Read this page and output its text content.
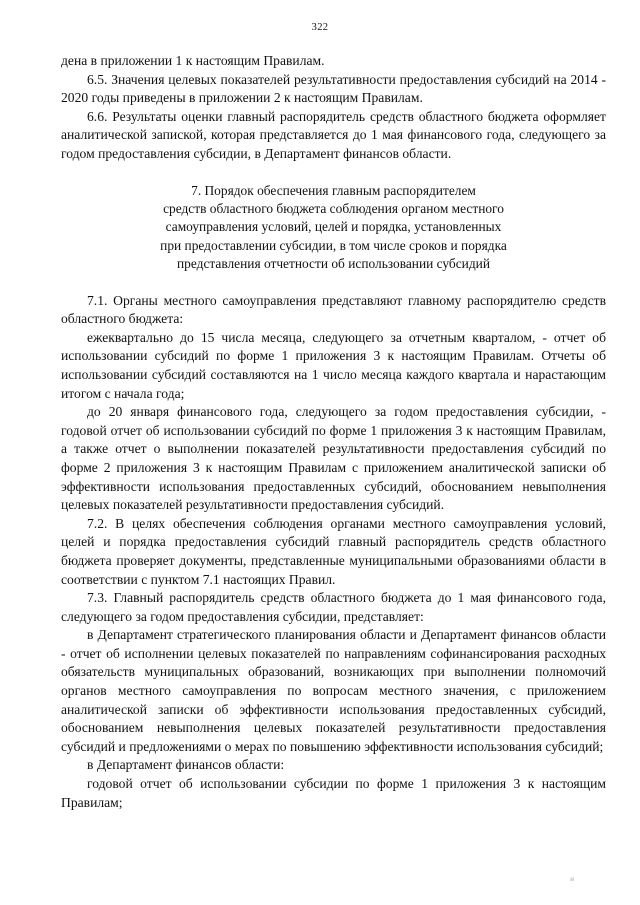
322

дена в приложении 1 к настоящим Правилам.

6.5. Значения целевых показателей результативности предоставления субсидий на 2014 - 2020 годы приведены в приложении 2 к настоящим Правилам.

6.6. Результаты оценки главный распорядитель средств областного бюджета оформляет аналитической запиской, которая представляется до 1 мая финансового года, следующего за годом предоставления субсидии, в Департамент финансов области.

7. Порядок обеспечения главным распорядителем
средств областного бюджета соблюдения органом местного
самоуправления условий, целей и порядка, установленных
при предоставлении субсидии, в том числе сроков и порядка
представления отчетности об использовании субсидий

7.1. Органы местного самоуправления представляют главному распорядителю средств областного бюджета:

ежеквартально до 15 числа месяца, следующего за отчетным кварталом, - отчет об использовании субсидий по форме 1 приложения 3 к настоящим Правилам. Отчеты об использовании субсидий составляются на 1 число месяца каждого квартала и нарастающим итогом с начала года;

до 20 января финансового года, следующего за годом предоставления субсидии, - годовой отчет об использовании субсидий по форме 1 приложения 3 к настоящим Правилам, а также отчет о выполнении показателей результативности предоставления субсидий по форме 2 приложения 3 к настоящим Правилам с приложением аналитической записки об эффективности использования предоставленных субсидий, обоснованием невыполнения целевых показателей результативности предоставления субсидий.

7.2. В целях обеспечения соблюдения органами местного самоуправления условий, целей и порядка предоставления субсидий главный распорядитель средств областного бюджета проверяет документы, представленные муниципальными образованиями области в соответствии с пунктом 7.1 настоящих Правил.

7.3. Главный распорядитель средств областного бюджета до 1 мая финансового года, следующего за годом предоставления субсидии, представляет:

в Департамент стратегического планирования области и Департамент финансов области - отчет об исполнении целевых показателей по направлениям софинансирования расходных обязательств муниципальных образований, возникающих при выполнении полномочий органов местного самоуправления по вопросам местного значения, с приложением аналитической записки об эффективности использования предоставленных субсидий, обоснованием невыполнения целевых показателей результативности предоставления субсидий и предложениями о мерах по повышению эффективности использования субсидий;

в Департамент финансов области:

годовой отчет об использовании субсидии по форме 1 приложения 3 к настоящим Правилам;

н
